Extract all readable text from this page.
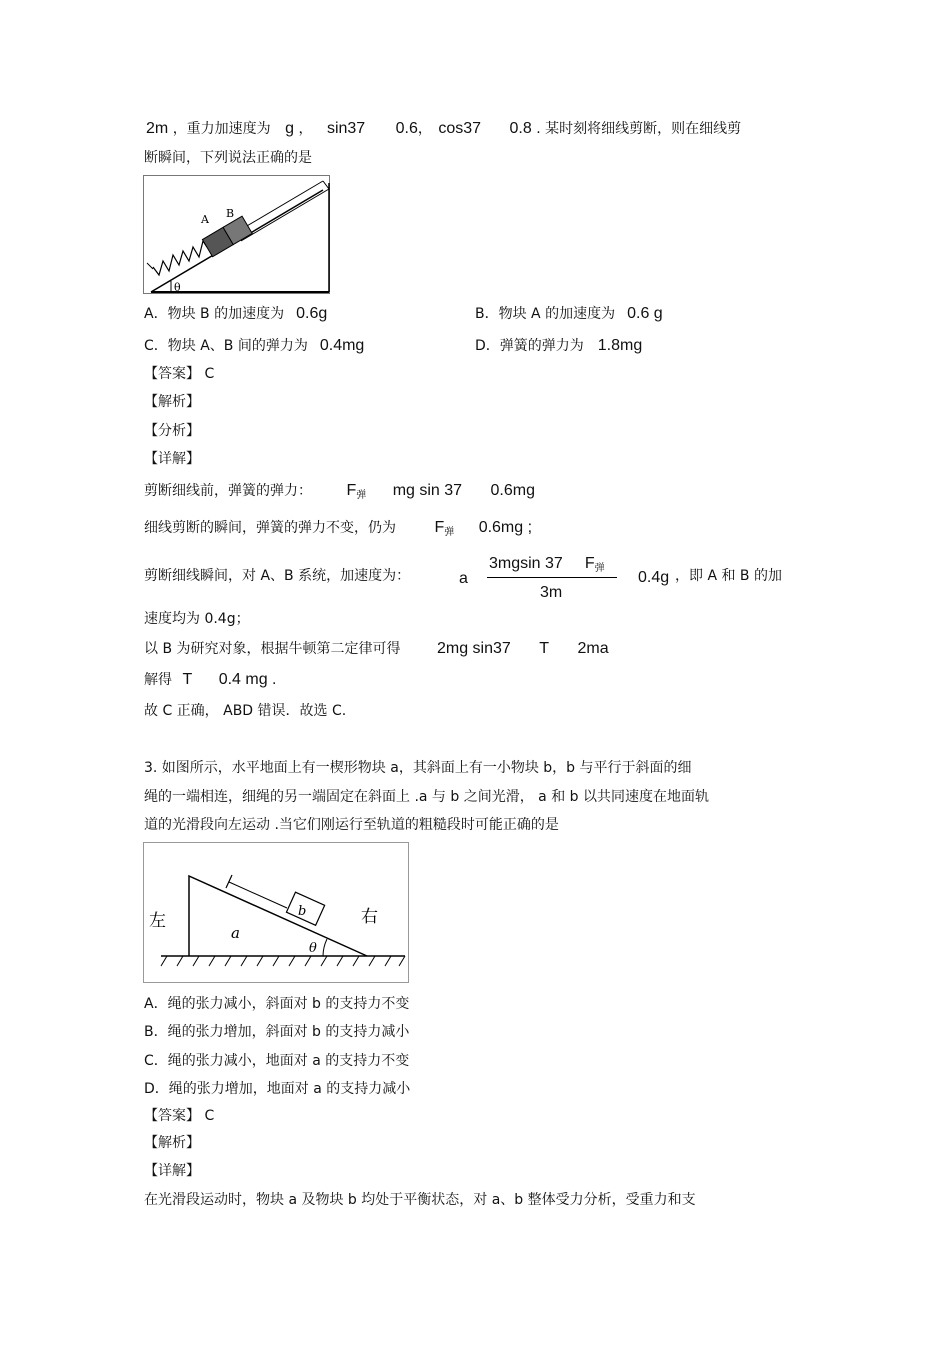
2m ，重力加速度为 g ， sin37 0.6， cos37 0.8 . 某时刻将细线剪断，则在细线剪
断瞬间，下列说法正确的是
A B
θ
A．物块 B 的加速度为 0.6g	B．物块 A 的加速度为 0.6 g
C．物块 A、B 间的弹力为 0.4mg	D．弹簧的弹力为 1.8mg
【答案】 C
【解析】
【分析】
【详解】
剪断细线前，弹簧的弹力： $F_弹$ mg sin 37 0.6mg
细线剪断的瞬间，弹簧的弹力不变，仍为 $F_弹$ 0.6mg ;
剪断细线瞬间，对 A、B 系统，加速度为：	a
3mgsin 37 $F_弹$
3m
0.4g ，即 A 和 B 的加
速度均为 0.4g；
以 B 为研究对象，根据牛顿第二定律可得 2mg sin37 T 2ma
解得 T 0.4 mg .
故 C 正确， ABD 错误．故选 C.
3. 如图所示，水平地面上有一楔形物块 a，其斜面上有一小物块 b，b 与平行于斜面的细
绳的一端相连，细绳的另一端固定在斜面上 .a 与 b 之间光滑， a 和 b 以共同速度在地面轨
道的光滑段向左运动 .当它们刚运行至轨道的粗糙段时可能正确的是
b
a
θ
左	右
A．绳的张力减小，斜面对 b 的支持力不变
B．绳的张力增加，斜面对 b 的支持力减小
C．绳的张力减小，地面对 a 的支持力不变
D．绳的张力增加，地面对 a 的支持力减小
【答案】 C
【解析】
【详解】
在光滑段运动时，物块 a 及物块 b 均处于平衡状态，对 a、b 整体受力分析，受重力和支
